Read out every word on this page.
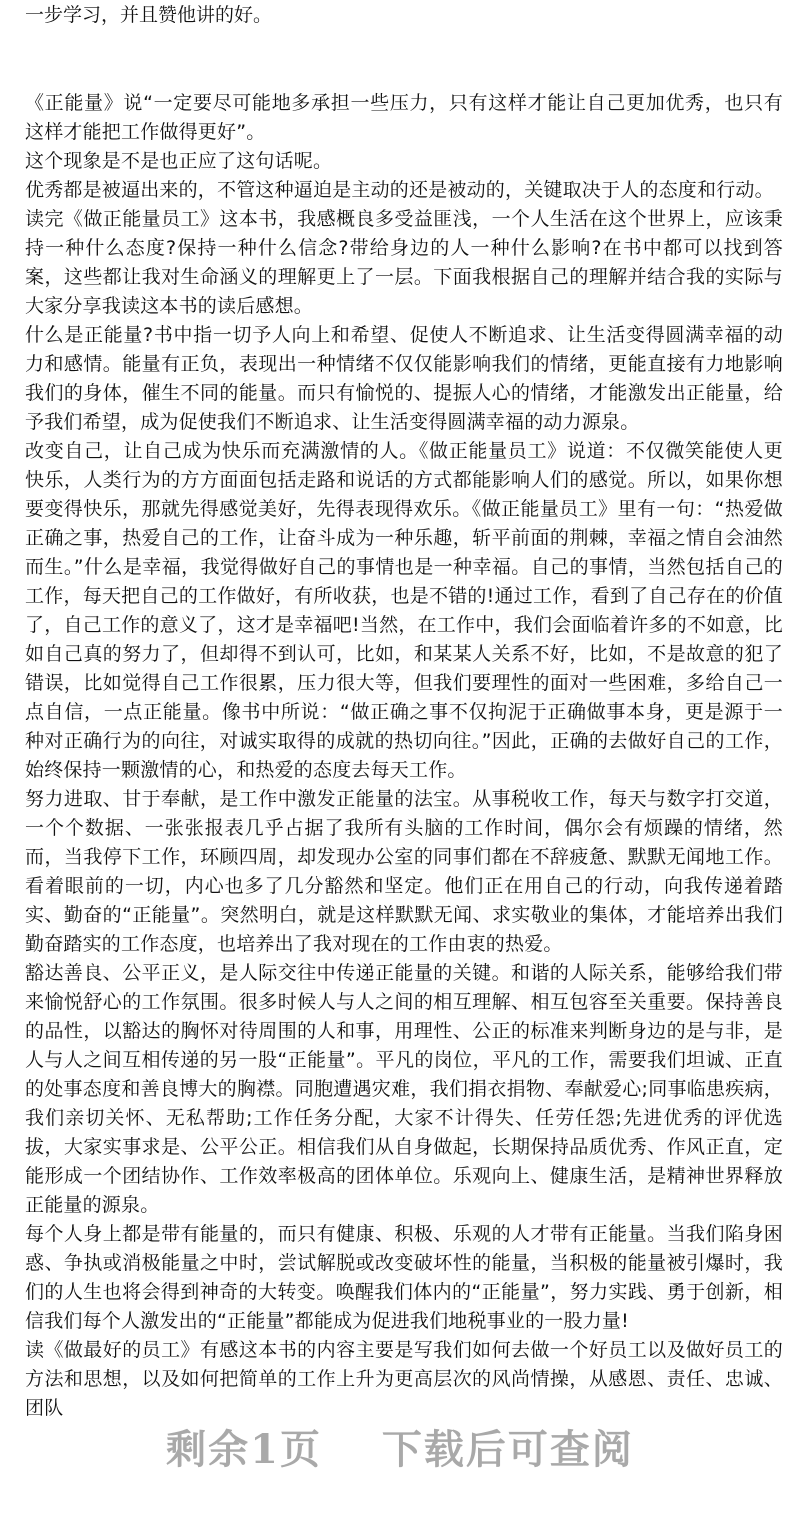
一步学习，并且赞他讲的好。

《正能量》说“一定要尽可能地多承担一些压力，只有这样才能让自己更加优秀，也只有这样才能把工作做得更好”。

这个现象是不是也正应了这句话呢。

优秀都是被逼出来的，不管这种逼迫是主动的还是被动的，关键取决于人的态度和行动。

读完《做正能量员工》这本书，我感概良多受益匪浅，一个人生活在这个世界上，应该秉持一种什么态度?保持一种什么信念?带给身边的人一种什么影响?在书中都可以找到答案，这些都让我对生命涵义的理解更上了一层。下面我根据自己的理解并结合我的实际与大家分享我读这本书的读后感想。

什么是正能量?书中指一切予人向上和希望、促使人不断追求、让生活变得圆满幸福的动力和感情。能量有正负，表现出一种情绪不仅仅能影响我们的情绪，更能直接有力地影响我们的身体，催生不同的能量。而只有愉悦的、提振人心的情绪，才能激发出正能量，给予我们希望，成为促使我们不断追求、让生活变得圆满幸福的动力源泉。

改变自己，让自己成为快乐而充满激情的人。《做正能量员工》说道：不仅微笑能使人更快乐，人类行为的方方面面包括走路和说话的方式都能影响人们的感觉。所以，如果你想要变得快乐，那就先得感觉美好，先得表现得欢乐。《做正能量员工》里有一句：“热爱做正确之事，热爱自己的工作，让奋斗成为一种乐趣，斩平前面的荆棘，幸福之情自会油然而生。”什么是幸福，我觉得做好自己的事情也是一种幸福。自己的事情，当然包括自己的工作，每天把自己的工作做好，有所收获，也是不错的!通过工作，看到了自己存在的价值了，自己工作的意义了，这才是幸福吧!当然，在工作中，我们会面临着许多的不如意，比如自己真的努力了，但却得不到认可，比如，和某某人关系不好，比如，不是故意的犯了错误，比如觉得自己工作很累，压力很大等，但我们要理性的面对一些困难，多给自己一点自信，一点正能量。像书中所说：“做正确之事不仅拘泥于正确做事本身，更是源于一种对正确行为的向往，对诚实取得的成就的热切向往。”因此，正确的去做好自己的工作，始终保持一颗激情的心，和热爱的态度去每天工作。

努力进取、甘于奉献，是工作中激发正能量的法宝。从事税收工作，每天与数字打交道，一个个数据、一张张报表几乎占据了我所有头脑的工作时间，偶尔会有烦躁的情绪，然而，当我停下工作，环顾四周，却发现办公室的同事们都在不辞疲惫、默默无闻地工作。看着眼前的一切，内心也多了几分豁然和坚定。他们正在用自己的行动，向我传递着踏实、勤奋的“正能量”。突然明白，就是这样默默无闻、求实敬业的集体，才能培养出我们勤奋踏实的工作态度，也培养出了我对现在的工作由衷的热爱。

豁达善良、公平正义，是人际交往中传递正能量的关键。和谐的人际关系，能够给我们带来愉悦舒心的工作氛围。很多时候人与人之间的相互理解、相互包容至关重要。保持善良的品性，以豁达的胸怀对待周围的人和事，用理性、公正的标准来判断身边的是与非，是人与人之间互相传递的另一股“正能量”。平凡的岗位，平凡的工作，需要我们坦诚、正直的处事态度和善良博大的胸襟。同胞遭遇灾难，我们捐衣捐物、奉献爱心;同事临患疾病，我们亲切关怀、无私帮助;工作任务分配，大家不计得失、任劳任怨;先进优秀的评优选拔，大家实事求是、公平公正。相信我们从自身做起，长期保持品质优秀、作风正直，定能形成一个团结协作、工作效率极高的团体单位。乐观向上、健康生活，是精神世界释放正能量的源泉。

每个人身上都是带有能量的，而只有健康、积极、乐观的人才带有正能量。当我们陷身困惑、争执或消极能量之中时，尝试解脱或改变破坏性的能量，当积极的能量被引爆时，我们的人生也将会得到神奇的大转变。唤醒我们体内的“正能量”，努力实践、勇于创新，相信我们每个人激发出的“正能量”都能成为促进我们地税事业的一股力量!

读《做最好的员工》有感这本书的内容主要是写我们如何去做一个好员工以及做好员工的方法和思想，以及如何把简单的工作上升为更高层次的风尚情操，从感恩、责任、忠诚、团队

剩余1页 下载后可查阅
